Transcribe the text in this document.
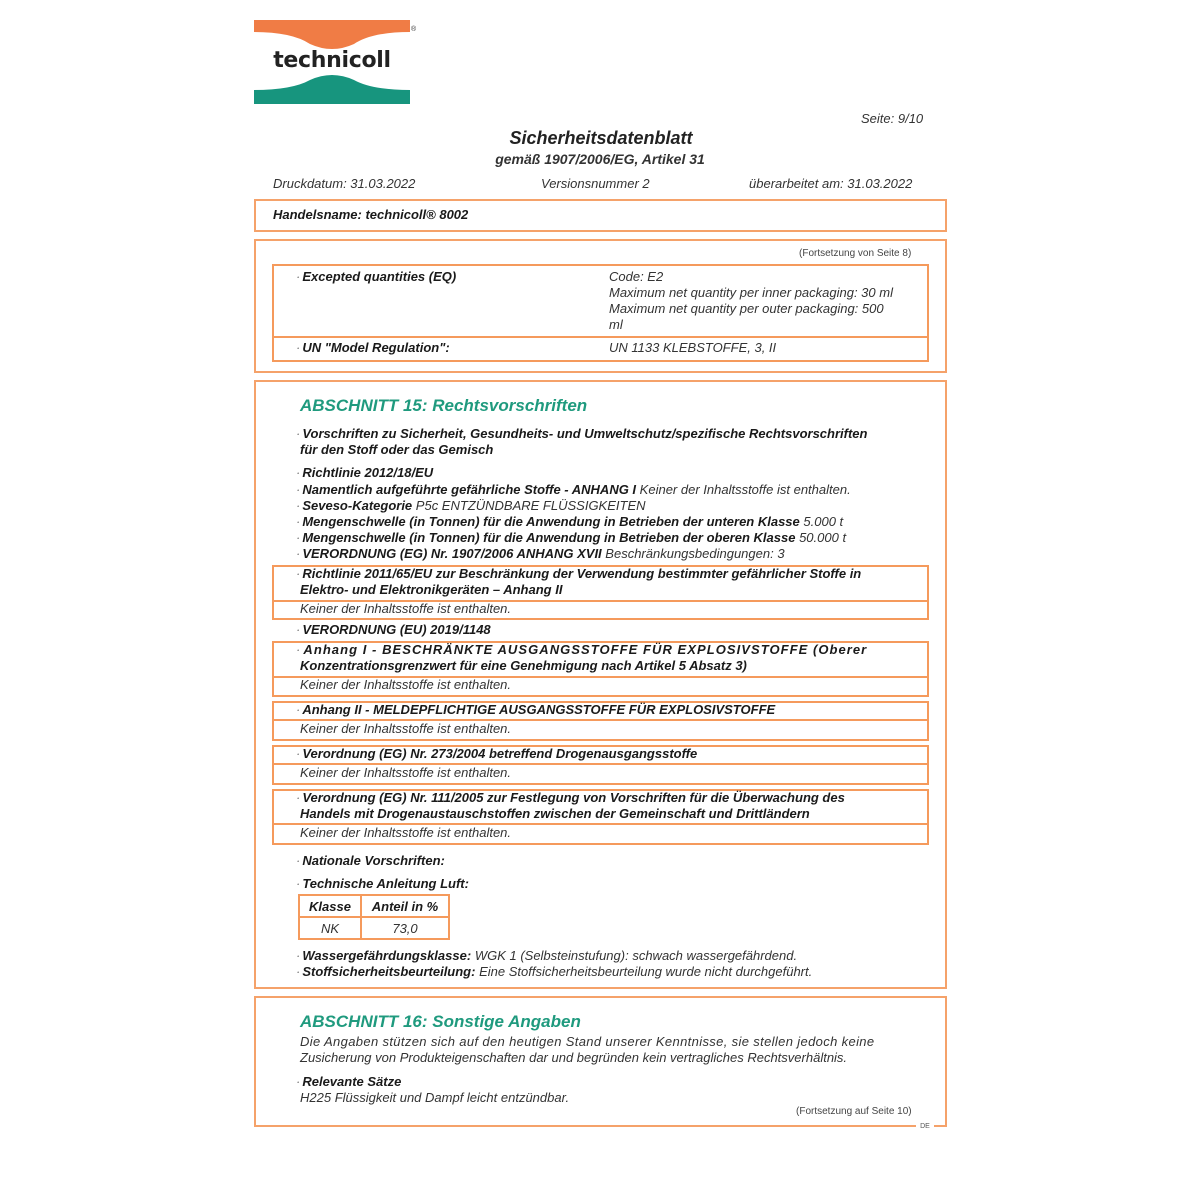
technicoll
®
Seite: 9/10
Sicherheitsdatenblatt
gemäß 1907/2006/EG, Artikel 31
Druckdatum: 31.03.2022	Versionsnummer 2	überarbeitet am: 31.03.2022
Handelsname: technicoll® 8002
(Fortsetzung von Seite 8)
· Excepted quantities (EQ)	Code: E2
Maximum net quantity per inner packaging: 30 ml
Maximum net quantity per outer packaging: 500
ml
· UN "Model Regulation":	UN 1133 KLEBSTOFFE, 3, II
ABSCHNITT 15: Rechtsvorschriften
· Vorschriften zu Sicherheit, Gesundheits- und Umweltschutz/spezifische Rechtsvorschriften
für den Stoff oder das Gemisch
· Richtlinie 2012/18/EU
· Namentlich aufgeführte gefährliche Stoffe - ANHANG I Keiner der Inhaltsstoffe ist enthalten.
· Seveso-Kategorie P5c ENTZÜNDBARE FLÜSSIGKEITEN
· Mengenschwelle (in Tonnen) für die Anwendung in Betrieben der unteren Klasse 5.000 t
· Mengenschwelle (in Tonnen) für die Anwendung in Betrieben der oberen Klasse 50.000 t
· VERORDNUNG (EG) Nr. 1907/2006 ANHANG XVII Beschränkungsbedingungen: 3
· Richtlinie 2011/65/EU zur Beschränkung der Verwendung bestimmter gefährlicher Stoffe in
Elektro- und Elektronikgeräten – Anhang II
Keiner der Inhaltsstoffe ist enthalten.
· VERORDNUNG (EU) 2019/1148
· Anhang I - BESCHRÄNKTE AUSGANGSSTOFFE FÜR EXPLOSIVSTOFFE (Oberer
Konzentrationsgrenzwert für eine Genehmigung nach Artikel 5 Absatz 3)
Keiner der Inhaltsstoffe ist enthalten.
· Anhang II - MELDEPFLICHTIGE AUSGANGSSTOFFE FÜR EXPLOSIVSTOFFE
Keiner der Inhaltsstoffe ist enthalten.
· Verordnung (EG) Nr. 273/2004 betreffend Drogenausgangsstoffe
Keiner der Inhaltsstoffe ist enthalten.
· Verordnung (EG) Nr. 111/2005 zur Festlegung von Vorschriften für die Überwachung des
Handels mit Drogenaustauschstoffen zwischen der Gemeinschaft und Drittländern
Keiner der Inhaltsstoffe ist enthalten.
· Nationale Vorschriften:
· Technische Anleitung Luft:
Klasse	Anteil in %
NK	73,0
· Wassergefährdungsklasse: WGK 1 (Selbsteinstufung): schwach wassergefährdend.
· Stoffsicherheitsbeurteilung: Eine Stoffsicherheitsbeurteilung wurde nicht durchgeführt.
ABSCHNITT 16: Sonstige Angaben
Die Angaben stützen sich auf den heutigen Stand unserer Kenntnisse, sie stellen jedoch keine
Zusicherung von Produkteigenschaften dar und begründen kein vertragliches Rechtsverhältnis.
· Relevante Sätze
H225 Flüssigkeit und Dampf leicht entzündbar.
(Fortsetzung auf Seite 10)
DE
